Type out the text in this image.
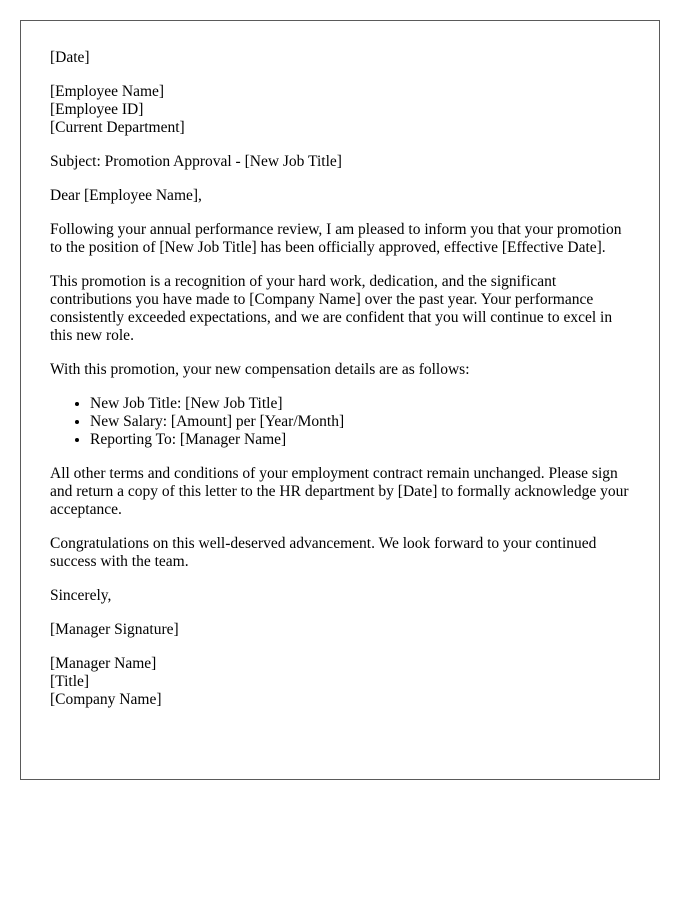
[Date]

[Employee Name]
[Employee ID]
[Current Department]

Subject: Promotion Approval - [New Job Title]

Dear [Employee Name],

Following your annual performance review, I am pleased to inform you that your promotion to the position of [New Job Title] has been officially approved, effective [Effective Date].

This promotion is a recognition of your hard work, dedication, and the significant contributions you have made to [Company Name] over the past year. Your performance consistently exceeded expectations, and we are confident that you will continue to excel in this new role.

With this promotion, your new compensation details are as follows:

• New Job Title: [New Job Title]
• New Salary: [Amount] per [Year/Month]
• Reporting To: [Manager Name]

All other terms and conditions of your employment contract remain unchanged. Please sign and return a copy of this letter to the HR department by [Date] to formally acknowledge your acceptance.

Congratulations on this well-deserved advancement. We look forward to your continued success with the team.

Sincerely,

[Manager Signature]

[Manager Name]
[Title]
[Company Name]
